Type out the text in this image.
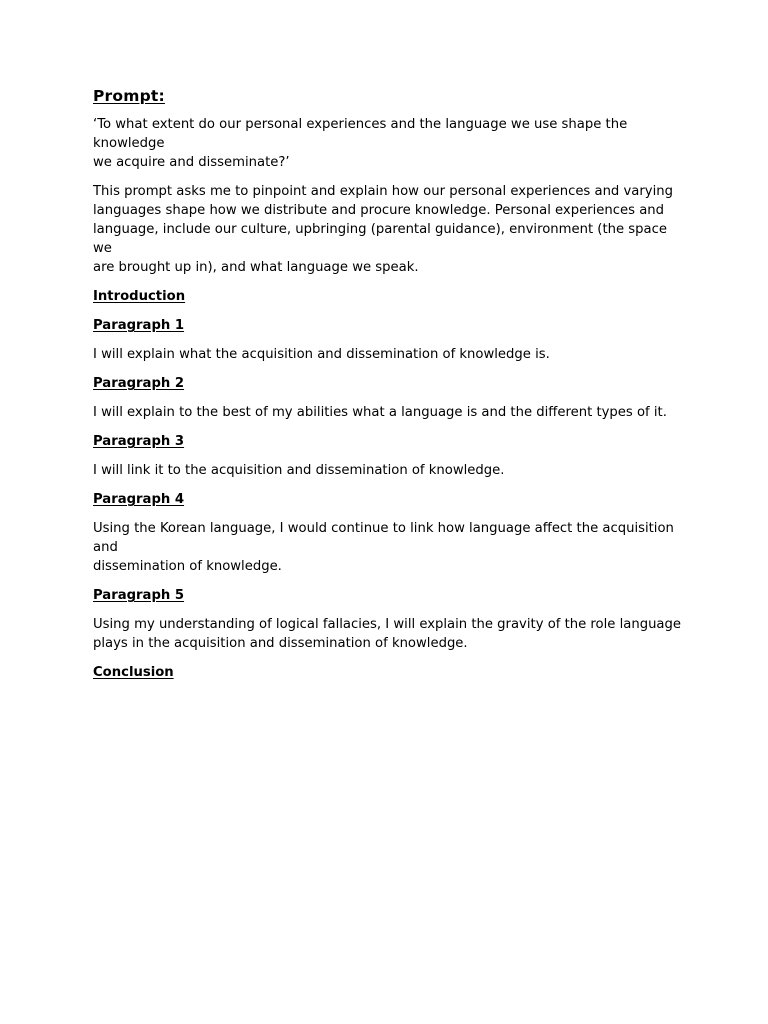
Prompt:
‘To what extent do our personal experiences and the language we use shape the knowledge
we acquire and disseminate?’
This prompt asks me to pinpoint and explain how our personal experiences and varying
languages shape how we distribute and procure knowledge. Personal experiences and
language, include our culture, upbringing (parental guidance), environment (the space we
are brought up in), and what language we speak.
Introduction
Paragraph 1
I will explain what the acquisition and dissemination of knowledge is.
Paragraph 2
I will explain to the best of my abilities what a language is and the different types of it.
Paragraph 3
I will link it to the acquisition and dissemination of knowledge.
Paragraph 4
Using the Korean language, I would continue to link how language affect the acquisition and
dissemination of knowledge.
Paragraph 5
Using my understanding of logical fallacies, I will explain the gravity of the role language
plays in the acquisition and dissemination of knowledge.
Conclusion
